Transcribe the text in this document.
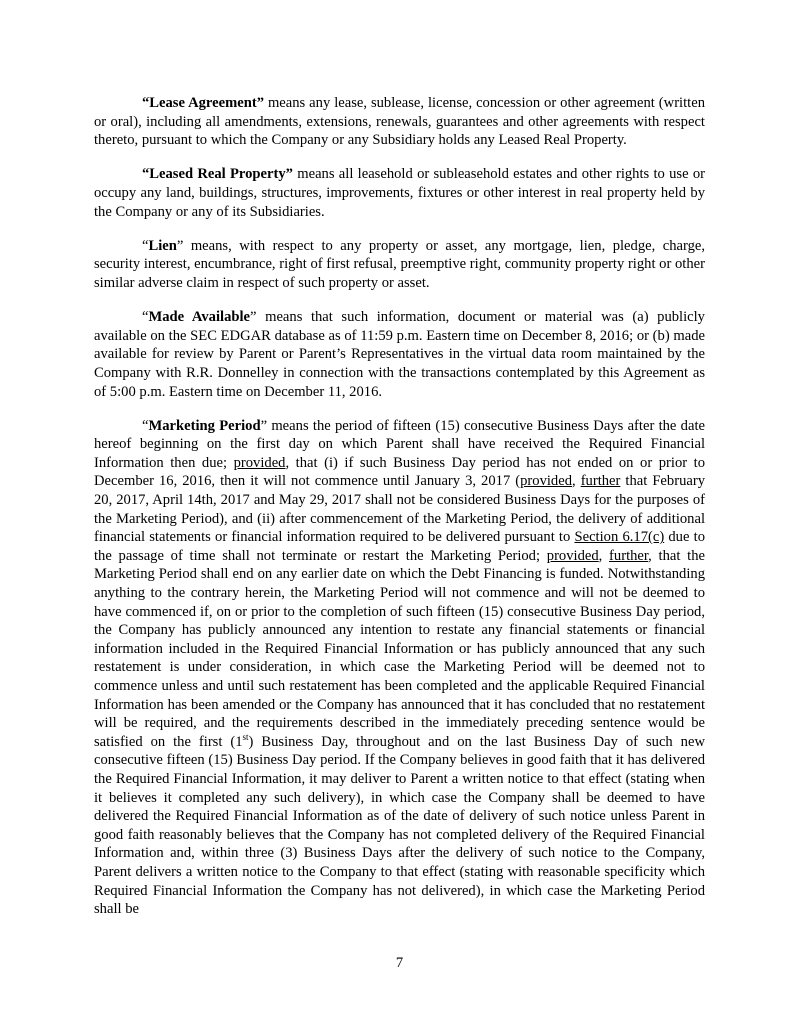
“Lease Agreement” means any lease, sublease, license, concession or other agreement (written or oral), including all amendments, extensions, renewals, guarantees and other agreements with respect thereto, pursuant to which the Company or any Subsidiary holds any Leased Real Property.

“Leased Real Property” means all leasehold or subleasehold estates and other rights to use or occupy any land, buildings, structures, improvements, fixtures or other interest in real property held by the Company or any of its Subsidiaries.

“Lien” means, with respect to any property or asset, any mortgage, lien, pledge, charge, security interest, encumbrance, right of first refusal, preemptive right, community property right or other similar adverse claim in respect of such property or asset.

“Made Available” means that such information, document or material was (a) publicly available on the SEC EDGAR database as of 11:59 p.m. Eastern time on December 8, 2016; or (b) made available for review by Parent or Parent’s Representatives in the virtual data room maintained by the Company with R.R. Donnelley in connection with the transactions contemplated by this Agreement as of 5:00 p.m. Eastern time on December 11, 2016.

“Marketing Period” means the period of fifteen (15) consecutive Business Days after the date hereof beginning on the first day on which Parent shall have received the Required Financial Information then due; provided, that (i) if such Business Day period has not ended on or prior to December 16, 2016, then it will not commence until January 3, 2017 (provided, further that February 20, 2017, April 14th, 2017 and May 29, 2017 shall not be considered Business Days for the purposes of the Marketing Period), and (ii) after commencement of the Marketing Period, the delivery of additional financial statements or financial information required to be delivered pursuant to Section 6.17(c) due to the passage of time shall not terminate or restart the Marketing Period; provided, further, that the Marketing Period shall end on any earlier date on which the Debt Financing is funded. Notwithstanding anything to the contrary herein, the Marketing Period will not commence and will not be deemed to have commenced if, on or prior to the completion of such fifteen (15) consecutive Business Day period, the Company has publicly announced any intention to restate any financial statements or financial information included in the Required Financial Information or has publicly announced that any such restatement is under consideration, in which case the Marketing Period will be deemed not to commence unless and until such restatement has been completed and the applicable Required Financial Information has been amended or the Company has announced that it has concluded that no restatement will be required, and the requirements described in the immediately preceding sentence would be satisfied on the first (1st) Business Day, throughout and on the last Business Day of such new consecutive fifteen (15) Business Day period. If the Company believes in good faith that it has delivered the Required Financial Information, it may deliver to Parent a written notice to that effect (stating when it believes it completed any such delivery), in which case the Company shall be deemed to have delivered the Required Financial Information as of the date of delivery of such notice unless Parent in good faith reasonably believes that the Company has not completed delivery of the Required Financial Information and, within three (3) Business Days after the delivery of such notice to the Company, Parent delivers a written notice to the Company to that effect (stating with reasonable specificity which Required Financial Information the Company has not delivered), in which case the Marketing Period shall be

7
